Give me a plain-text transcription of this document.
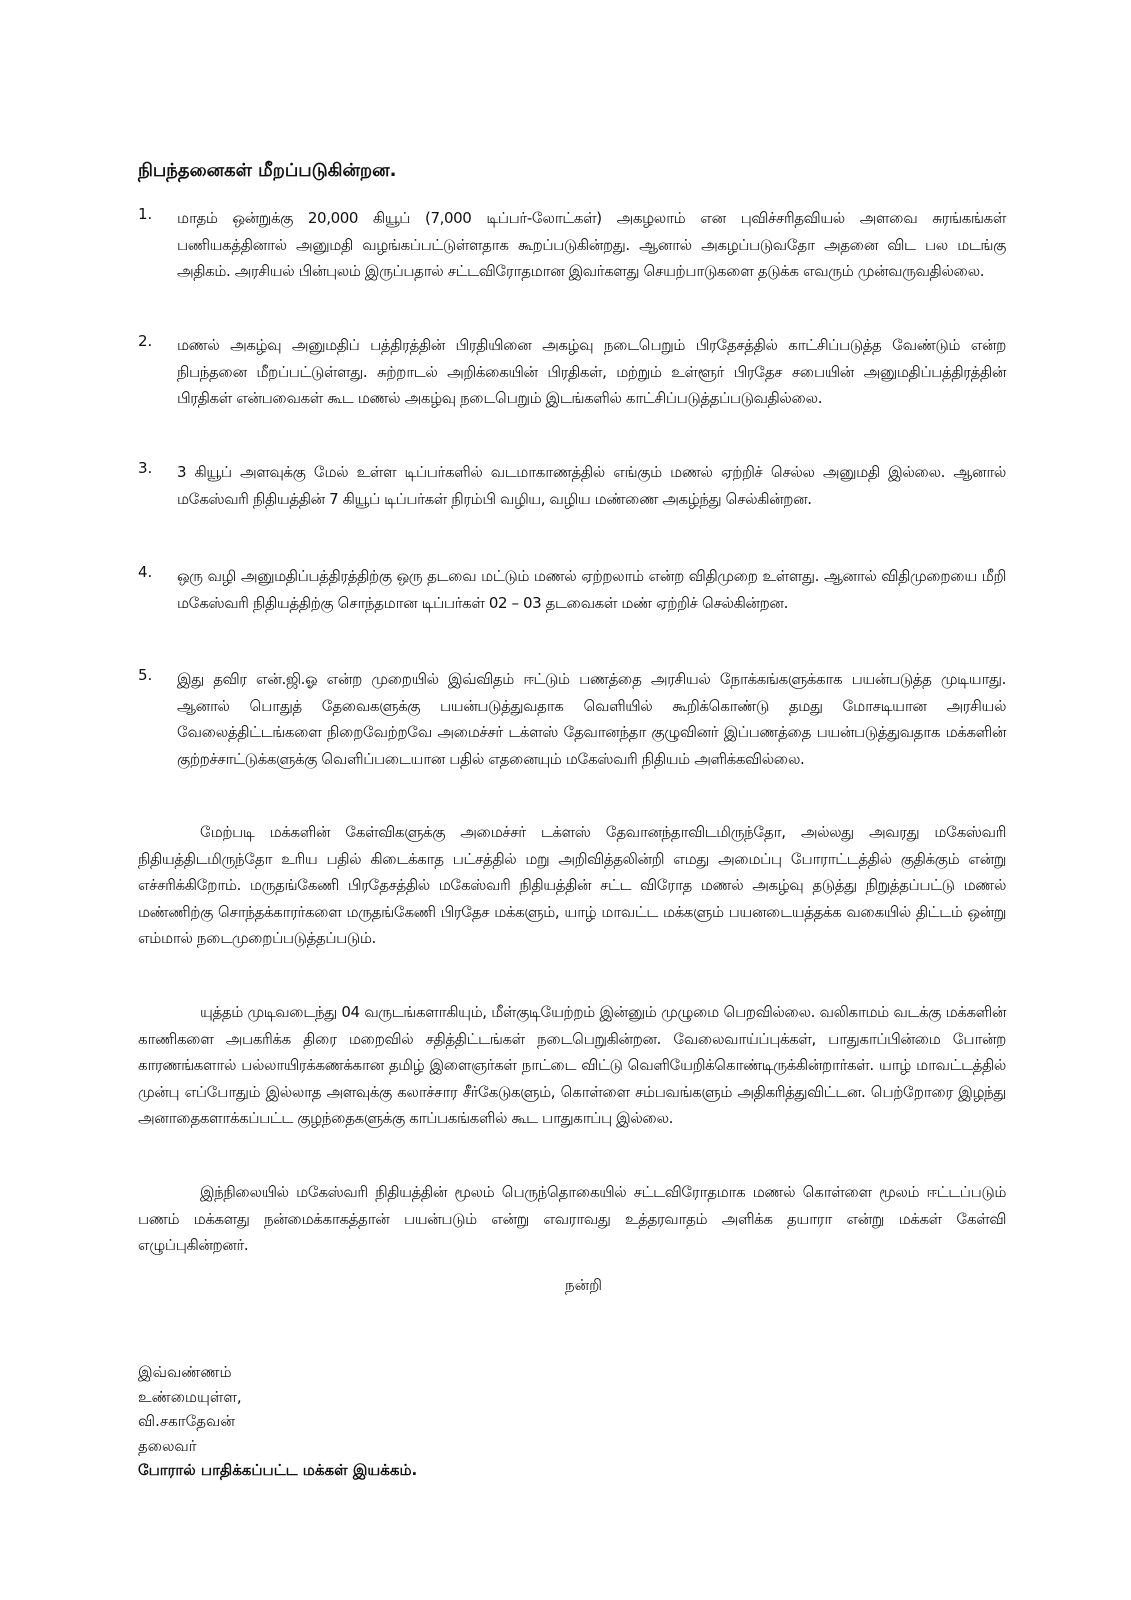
நிபந்தனைகள் மீறப்படுகின்றன.
1. மாதம் ஒன்றுக்கு 20,000 கியூப் (7,000 டிப்பர்-லோட்கள்) அகழலாம் என புவிச்சரிதவியல் அளவை சுரங்கங்கள் பணியகத்தினால் அனுமதி வழங்கப்பட்டுள்ளதாக கூறப்படுகின்றது. ஆனால் அகழப்படுவதோ அதனை விட பல மடங்கு அதிகம். அரசியல் பின்புலம் இருப்பதால் சட்டவிரோதமான இவர்களது செயற்பாடுகளை தடுக்க எவரும் முன்வருவதில்லை.
2. மணல் அகழ்வு அனுமதிப் பத்திரத்தின் பிரதியினை அகழ்வு நடைபெறும் பிரதேசத்தில் காட்சிப்படுத்த வேண்டும் என்ற நிபந்தனை மீறப்பட்டுள்ளது. சுற்றாடல் அறிக்கையின் பிரதிகள், மற்றும் உள்ளூர் பிரதேச சபையின் அனுமதிப்பத்திரத்தின் பிரதிகள் என்பவைகள் கூட மணல் அகழ்வு நடைபெறும் இடங்களில் காட்சிப்படுத்தப்படுவதில்லை.
3. 3 கியூப் அளவுக்கு மேல் உள்ள டிப்பர்களில் வடமாகாணத்தில் எங்கும் மணல் ஏற்றிச் செல்ல அனுமதி இல்லை. ஆனால் மகேஸ்வரி நிதியத்தின் 7 கியூப் டிப்பர்கள் நிரம்பி வழிய, வழிய மண்ணை அகழ்ந்து செல்கின்றன.
4. ஒரு வழி அனுமதிப்பத்திரத்திற்கு ஒரு தடவை மட்டும் மணல் ஏற்றலாம் என்ற விதிமுறை உள்ளது. ஆனால் விதிமுறையை மீறி மகேஸ்வரி நிதியத்திற்கு சொந்தமான டிப்பர்கள் 02 – 03 தடவைகள் மண் ஏற்றிச் செல்கின்றன.
5. இது தவிர என்.ஜி.ஓ என்ற முறையில் இவ்விதம் ஈட்டும் பணத்தை அரசியல் நோக்கங்களுக்காக பயன்படுத்த முடியாது. ஆனால் பொதுத் தேவைகளுக்கு பயன்படுத்துவதாக வெளியில் கூறிக்கொண்டு தமது மோசடியான அரசியல் வேலைத்திட்டங்களை நிறைவேற்றவே அமைச்சர் டக்ளஸ் தேவானந்தா குழுவினர் இப்பணத்தை பயன்படுத்துவதாக மக்களின் குற்றச்சாட்டுக்களுக்கு வெளிப்படையான பதில் எதனையும் மகேஸ்வரி நிதியம் அளிக்கவில்லை.
மேற்படி மக்களின் கேள்விகளுக்கு அமைச்சர் டக்ளஸ் தேவானந்தாவிடமிருந்தோ, அல்லது அவரது மகேஸ்வரி நிதியத்திடமிருந்தோ உரிய பதில் கிடைக்காத பட்சத்தில் மறு அறிவித்தலின்றி எமது அமைப்பு போராட்டத்தில் குதிக்கும் என்று எச்சரிக்கிறோம். மருதங்கேணி பிரதேசத்தில் மகேஸ்வரி நிதியத்தின் சட்ட விரோத மணல் அகழ்வு தடுத்து நிறுத்தப்பட்டு மணல் மண்ணிற்கு சொந்தக்காரர்களை மருதங்கேணி பிரதேச மக்களும், யாழ் மாவட்ட மக்களும் பயனடையத்தக்க வகையில் திட்டம் ஒன்று எம்மால் நடைமுறைப்படுத்தப்படும்.
யுத்தம் முடிவடைந்து 04 வருடங்களாகியும், மீள்குடியேற்றம் இன்னும் முழுமை பெறவில்லை. வலிகாமம் வடக்கு மக்களின் காணிகளை அபகரிக்க திரை மறைவில் சதித்திட்டங்கள் நடைபெறுகின்றன. வேலைவாய்ப்புக்கள், பாதுகாப்பின்மை போன்ற காரணங்களால் பல்லாயிரக்கணக்கான தமிழ் இளைஞர்கள் நாட்டை விட்டு வெளியேறிக்கொண்டிருக்கின்றார்கள். யாழ் மாவட்டத்தில் முன்பு எப்போதும் இல்லாத அளவுக்கு கலாச்சார சீர்கேடுகளும், கொள்ளை சம்பவங்களும் அதிகரித்துவிட்டன. பெற்றோரை இழந்து அனாதைகளாக்கப்பட்ட குழந்தைகளுக்கு காப்பகங்களில் கூட பாதுகாப்பு இல்லை.
இந்நிலையில் மகேஸ்வரி நிதியத்தின் மூலம் பெருந்தொகையில் சட்டவிரோதமாக மணல் கொள்ளை மூலம் ஈட்டப்படும் பணம் மக்களது நன்மைக்காகத்தான் பயன்படும் என்று எவராவது உத்தரவாதம் அளிக்க தயாரா என்று மக்கள் கேள்வி எழுப்புகின்றனர்.
நன்றி
இவ்வண்ணம்
உண்மையுள்ள,
வி.சகாதேவன்
தலைவர்
போரால் பாதிக்கப்பட்ட மக்கள் இயக்கம்.
